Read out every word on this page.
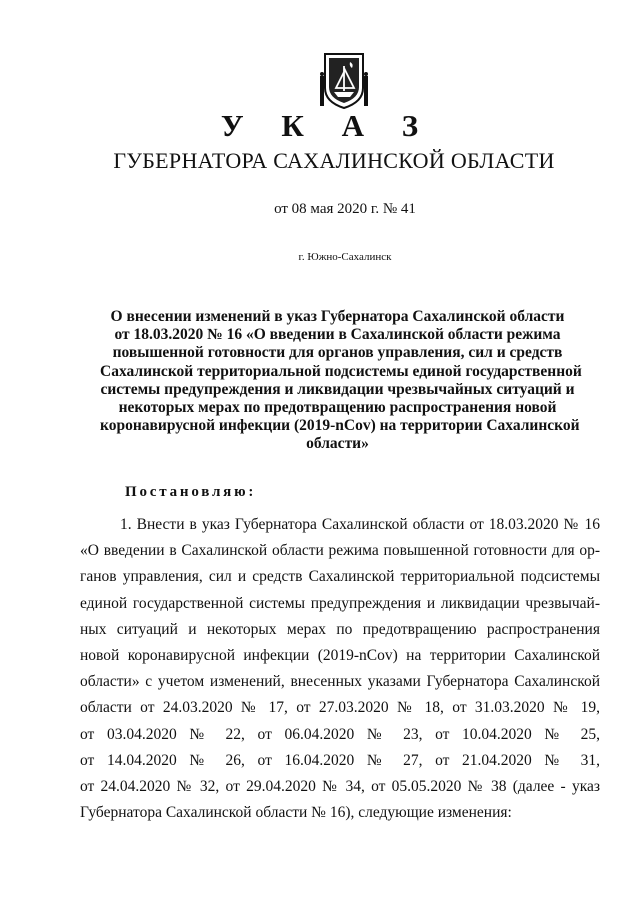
У К А З
ГУБЕРНАТОРА САХАЛИНСКОЙ ОБЛАСТИ
от 08 мая 2020 г. № 41
г. Южно-Сахалинск
О внесении изменений в указ Губернатора Сахалинской области
от 18.03.2020 № 16 «О введении в Сахалинской области режима
повышенной готовности для органов управления, сил и средств
Сахалинской территориальной подсистемы единой государственной
системы предупреждения и ликвидации чрезвычайных ситуаций и
некоторых мерах по предотвращению распространения новой
коронавирусной инфекции (2019-nCov) на территории Сахалинской
области»
Постановляю:
1. Внести в указ Губернатора Сахалинской области от 18.03.2020 № 16
«О введении в Сахалинской области режима повышенной готовности для ор-
ганов управления, сил и средств Сахалинской территориальной подсистемы
единой государственной системы предупреждения и ликвидации чрезвычай-
ных ситуаций и некоторых мерах по предотвращению распространения
новой коронавирусной инфекции (2019-nCov) на территории Сахалинской
области» с учетом изменений, внесенных указами Губернатора Сахалинской
области от 24.03.2020 № 17, от 27.03.2020 № 18, от 31.03.2020 № 19,
от 03.04.2020 № 22, от 06.04.2020 № 23, от 10.04.2020 № 25,
от 14.04.2020 № 26, от 16.04.2020 № 27, от 21.04.2020 № 31,
от 24.04.2020 № 32, от 29.04.2020 № 34, от 05.05.2020 № 38 (далее - указ
Губернатора Сахалинской области № 16), следующие изменения:
